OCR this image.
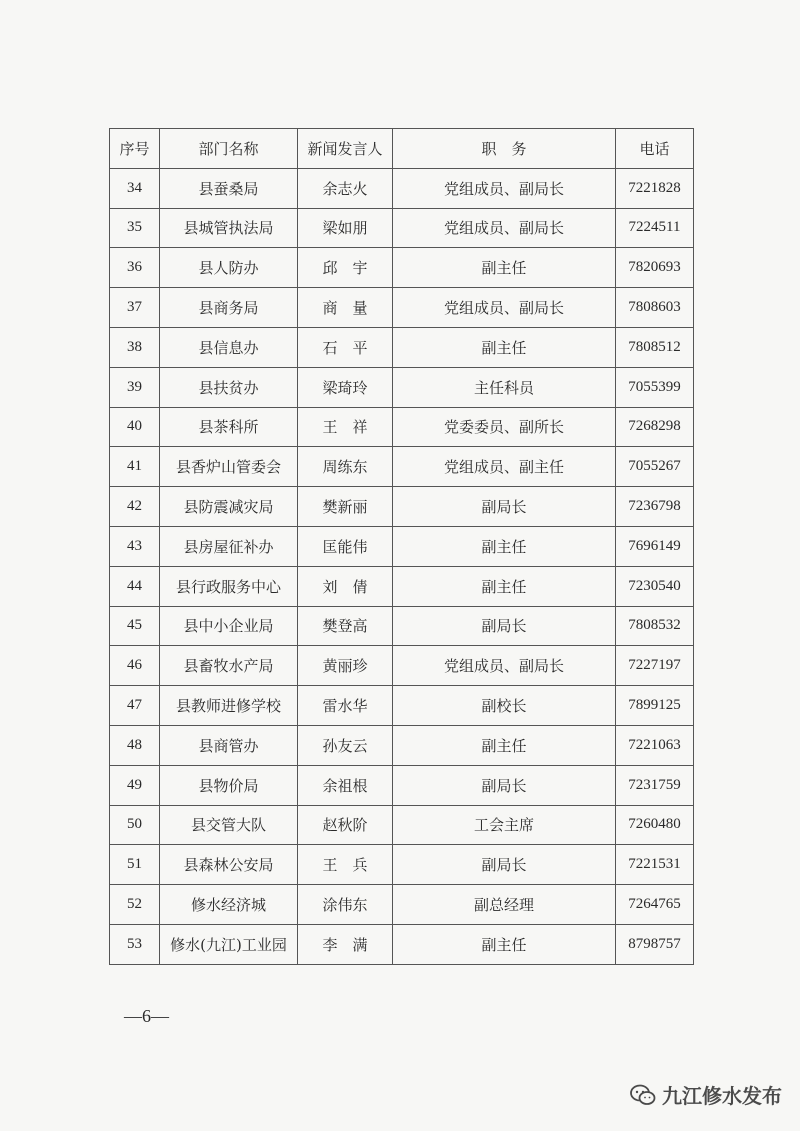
序号	部门名称	新闻发言人	职　务	电话
34	县蚕桑局	余志火	党组成员、副局长	7221828
35	县城管执法局	梁如朋	党组成员、副局长	7224511
36	县人防办	邱　宇	副主任	7820693
37	县商务局	商　量	党组成员、副局长	7808603
38	县信息办	石　平	副主任	7808512
39	县扶贫办	梁琦玲	主任科员	7055399
40	县茶科所	王　祥	党委委员、副所长	7268298
41	县香炉山管委会	周练东	党组成员、副主任	7055267
42	县防震减灾局	樊新丽	副局长	7236798
43	县房屋征补办	匡能伟	副主任	7696149
44	县行政服务中心	刘　倩	副主任	7230540
45	县中小企业局	樊登高	副局长	7808532
46	县畜牧水产局	黄丽珍	党组成员、副局长	7227197
47	县教师进修学校	雷水华	副校长	7899125
48	县商管办	孙友云	副主任	7221063
49	县物价局	余祖根	副局长	7231759
50	县交管大队	赵秋阶	工会主席	7260480
51	县森林公安局	王　兵	副局长	7221531
52	修水经济城	涂伟东	副总经理	7264765
53	修水(九江)工业园	李　满	副主任	8798757
—6—
九江修水发布
